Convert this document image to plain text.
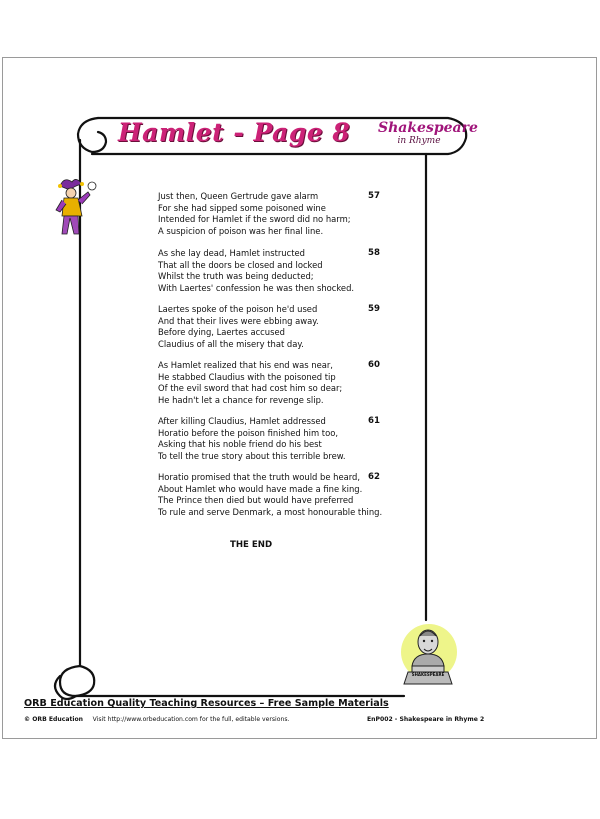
Hamlet - Page 8 Shakespeare
in Rhyme
Just then, Queen Gertrude gave alarm
For she had sipped some poisoned wine
Intended for Hamlet if the sword did no harm;
A suspicion of poison was her final line.
57
As she lay dead, Hamlet instructed
That all the doors be closed and locked
Whilst the truth was being deducted;
With Laertes' confession he was then shocked.
58
Laertes spoke of the poison he'd used
And that their lives were ebbing away.
Before dying, Laertes accused
Claudius of all the misery that day.
59
As Hamlet realized that his end was near,
He stabbed Claudius with the poisoned tip
Of the evil sword that had cost him so dear;
He hadn't let a chance for revenge slip.
60
After killing Claudius, Hamlet addressed
Horatio before the poison finished him too,
Asking that his noble friend do his best
To tell the true story about this terrible brew.
61
Horatio promised that the truth would be heard,
About Hamlet who would have made a fine king.
The Prince then died but would have preferred
To rule and serve Denmark, a most honourable thing.
62
THE END
SHAKESPEARE
ORB Education Quality Teaching Resources – Free Sample Materials
© ORB Education Visit http://www.orbeducation.com for the full, editable versions.	EnP002 - Shakespeare in Rhyme 2
